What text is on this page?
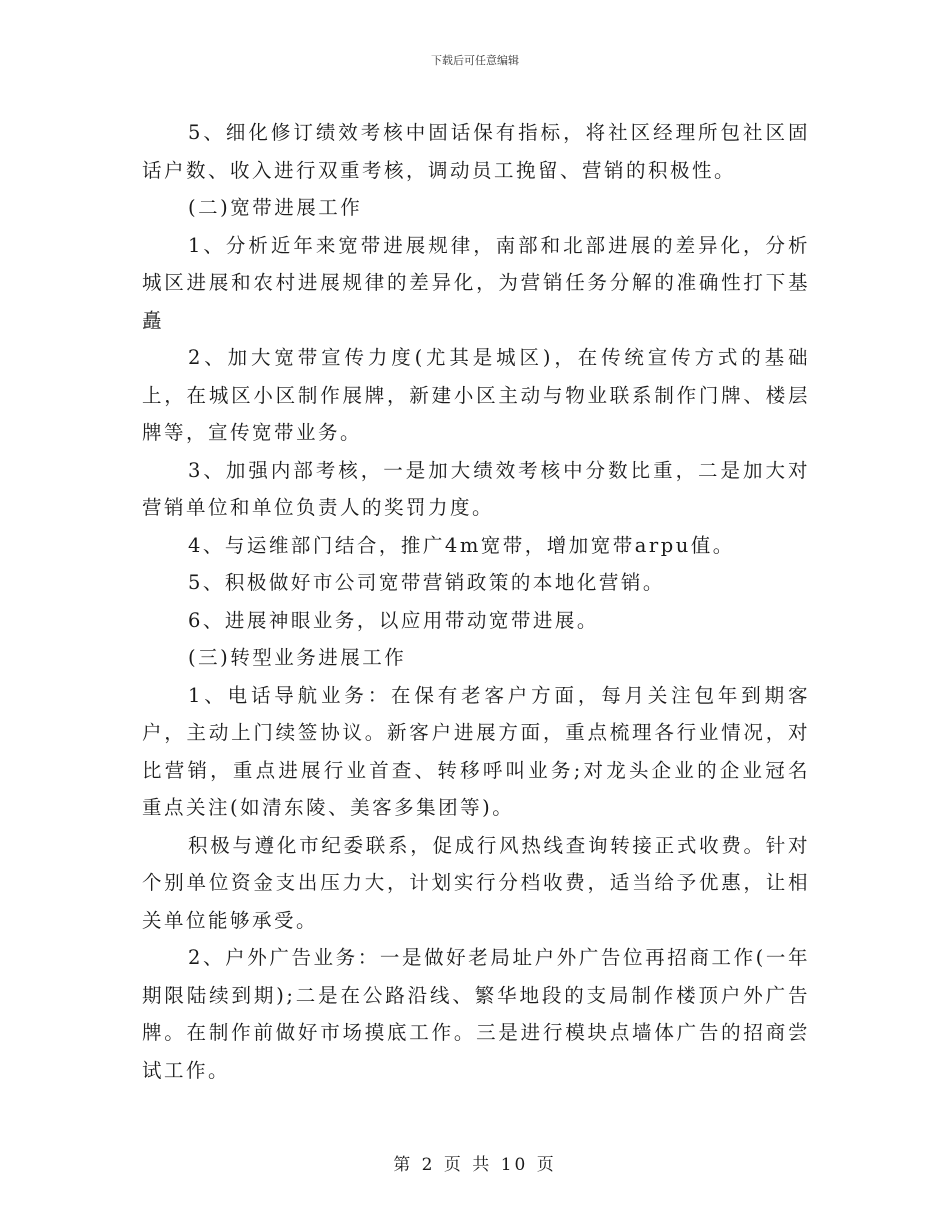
下载后可任意编辑

5、细化修订绩效考核中固话保有指标，将社区经理所包社区固话户数、收入进行双重考核，调动员工挽留、营销的积极性。

(二)宽带进展工作

1、分析近年来宽带进展规律，南部和北部进展的差异化，分析城区进展和农村进展规律的差异化，为营销任务分解的准确性打下基矗

2、加大宽带宣传力度(尤其是城区)，在传统宣传方式的基础上，在城区小区制作展牌，新建小区主动与物业联系制作门牌、楼层牌等，宣传宽带业务。

3、加强内部考核，一是加大绩效考核中分数比重，二是加大对营销单位和单位负责人的奖罚力度。

4、与运维部门结合，推广4m宽带，增加宽带arpu值。

5、积极做好市公司宽带营销政策的本地化营销。

6、进展神眼业务，以应用带动宽带进展。

(三)转型业务进展工作

1、电话导航业务：在保有老客户方面，每月关注包年到期客户，主动上门续签协议。新客户进展方面，重点梳理各行业情况，对比营销，重点进展行业首查、转移呼叫业务;对龙头企业的企业冠名重点关注(如清东陵、美客多集团等)。

积极与遵化市纪委联系，促成行风热线查询转接正式收费。针对个别单位资金支出压力大，计划实行分档收费，适当给予优惠，让相关单位能够承受。

2、户外广告业务：一是做好老局址户外广告位再招商工作(一年期限陆续到期);二是在公路沿线、繁华地段的支局制作楼顶户外广告牌。在制作前做好市场摸底工作。三是进行模块点墙体广告的招商尝试工作。

第 2 页 共 10 页
